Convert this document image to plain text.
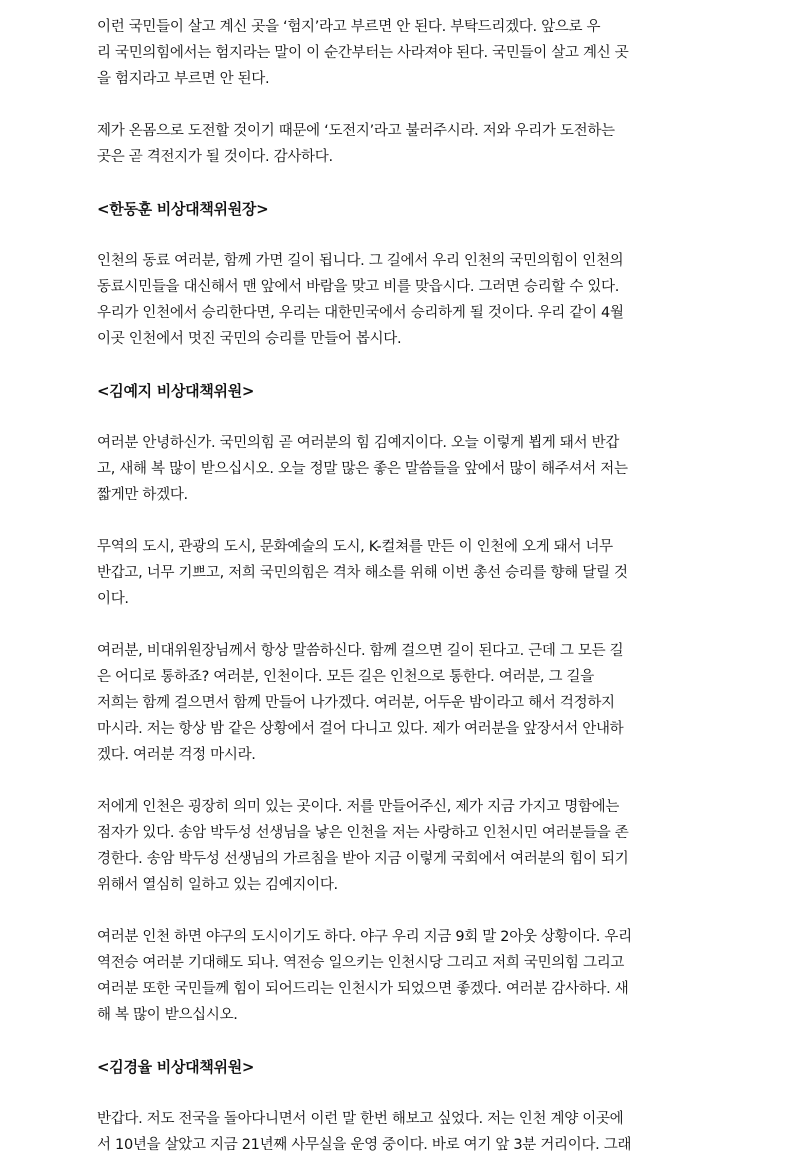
이런 국민들이 살고 계신 곳을 ‘험지’라고 부르면 안 된다. 부탁드리겠다. 앞으로 우
리 국민의힘에서는 험지라는 말이 이 순간부터는 사라져야 된다. 국민들이 살고 계신 곳
을 험지라고 부르면 안 된다.

제가 온몸으로 도전할 것이기 때문에 ‘도전지’라고 불러주시라. 저와 우리가 도전하는
곳은 곧 격전지가 될 것이다. 감사하다.

<한동훈 비상대책위원장>

인천의 동료 여러분, 함께 가면 길이 됩니다. 그 길에서 우리 인천의 국민의힘이 인천의
동료시민들을 대신해서 맨 앞에서 바람을 맞고 비를 맞읍시다. 그러면 승리할 수 있다.
우리가 인천에서 승리한다면, 우리는 대한민국에서 승리하게 될 것이다. 우리 같이 4월
이곳 인천에서 멋진 국민의 승리를 만들어 봅시다.

<김예지 비상대책위원>

여러분 안녕하신가. 국민의힘 곧 여러분의 힘 김예지이다. 오늘 이렇게 뵙게 돼서 반갑
고, 새해 복 많이 받으십시오. 오늘 정말 많은 좋은 말씀들을 앞에서 많이 해주셔서 저는
짧게만 하겠다.

무역의 도시, 관광의 도시, 문화예술의 도시, K-컬쳐를 만든 이 인천에 오게 돼서 너무
반갑고, 너무 기쁘고, 저희 국민의힘은 격차 해소를 위해 이번 총선 승리를 향해 달릴 것
이다.

여러분, 비대위원장님께서 항상 말씀하신다. 함께 걸으면 길이 된다고. 근데 그 모든 길
은 어디로 통하죠? 여러분, 인천이다. 모든 길은 인천으로 통한다. 여러분, 그 길을
저희는 함께 걸으면서 함께 만들어 나가겠다. 여러분, 어두운 밤이라고 해서 걱정하지
마시라. 저는 항상 밤 같은 상황에서 걸어 다니고 있다. 제가 여러분을 앞장서서 안내하
겠다. 여러분 걱정 마시라.

저에게 인천은 굉장히 의미 있는 곳이다. 저를 만들어주신, 제가 지금 가지고 명함에는
점자가 있다. 송암 박두성 선생님을 낳은 인천을 저는 사랑하고 인천시민 여러분들을 존
경한다. 송암 박두성 선생님의 가르침을 받아 지금 이렇게 국회에서 여러분의 힘이 되기
위해서 열심히 일하고 있는 김예지이다.

여러분 인천 하면 야구의 도시이기도 하다. 야구 우리 지금 9회 말 2아웃 상황이다. 우리
역전승 여러분 기대해도 되나. 역전승 일으키는 인천시당 그리고 저희 국민의힘 그리고
여러분 또한 국민들께 힘이 되어드리는 인천시가 되었으면 좋겠다. 여러분 감사하다. 새
해 복 많이 받으십시오.

<김경율 비상대책위원>

반갑다. 저도 전국을 돌아다니면서 이런 말 한번 해보고 싶었다. 저는 인천 계양 이곳에
서 10년을 살았고 지금 21년째 사무실을 운영 중이다. 바로 여기 앞 3분 거리이다. 그래
